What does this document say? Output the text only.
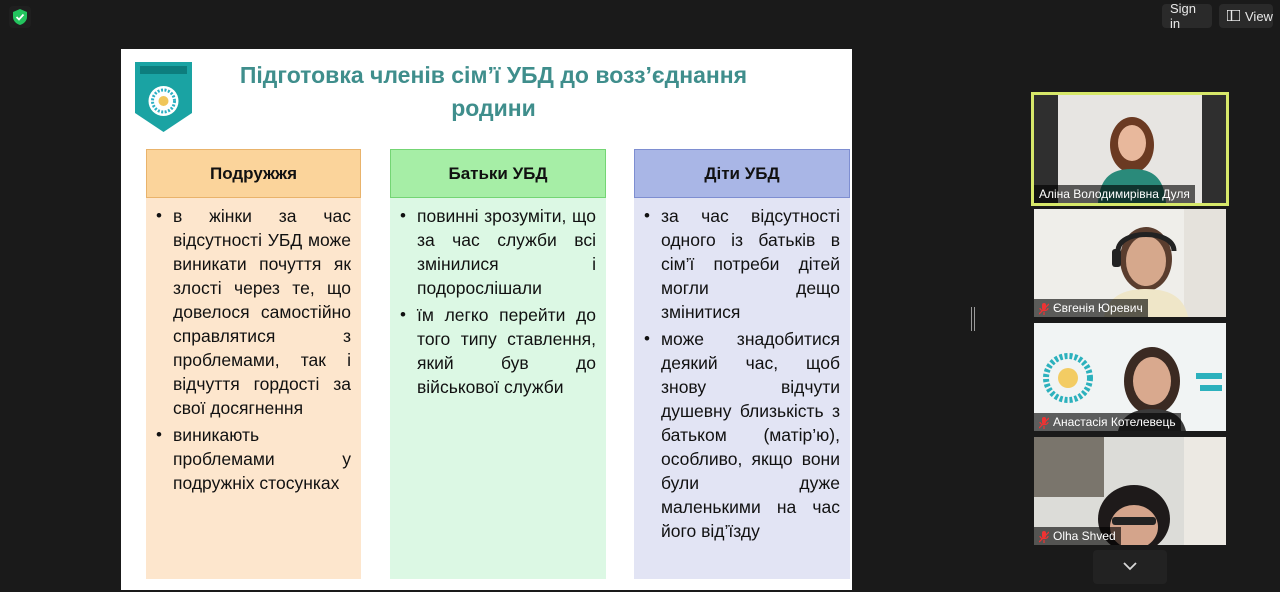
Sign in	View
Підготовка членів сім’ї УБД до возз’єднання родини
Подружжя
• в жінки за час відсутності УБД може виникати почуття як злості через те, що довелося самостійно справлятися з проблемами, так і відчуття гордості за свої досягнення
• виникають проблемами у подружніх стосунках
Батьки УБД
• повинні зрозуміти, що за час служби всі змінилися і подорослішали
• їм легко перейти до того типу ставлення, який був до військової служби
Діти УБД
• за час відсутності одного із батьків в сім’ї потреби дітей могли дещо змінитися
• може знадобитися деякий час, щоб знову відчути душевну близькість з батьком (матір’ю), особливо, якщо вони були дуже маленькими на час його від’їзду
Аліна Володимирівна Дуля
Євгенія Юревич
Анастасія Котелевець
Olha Shved
